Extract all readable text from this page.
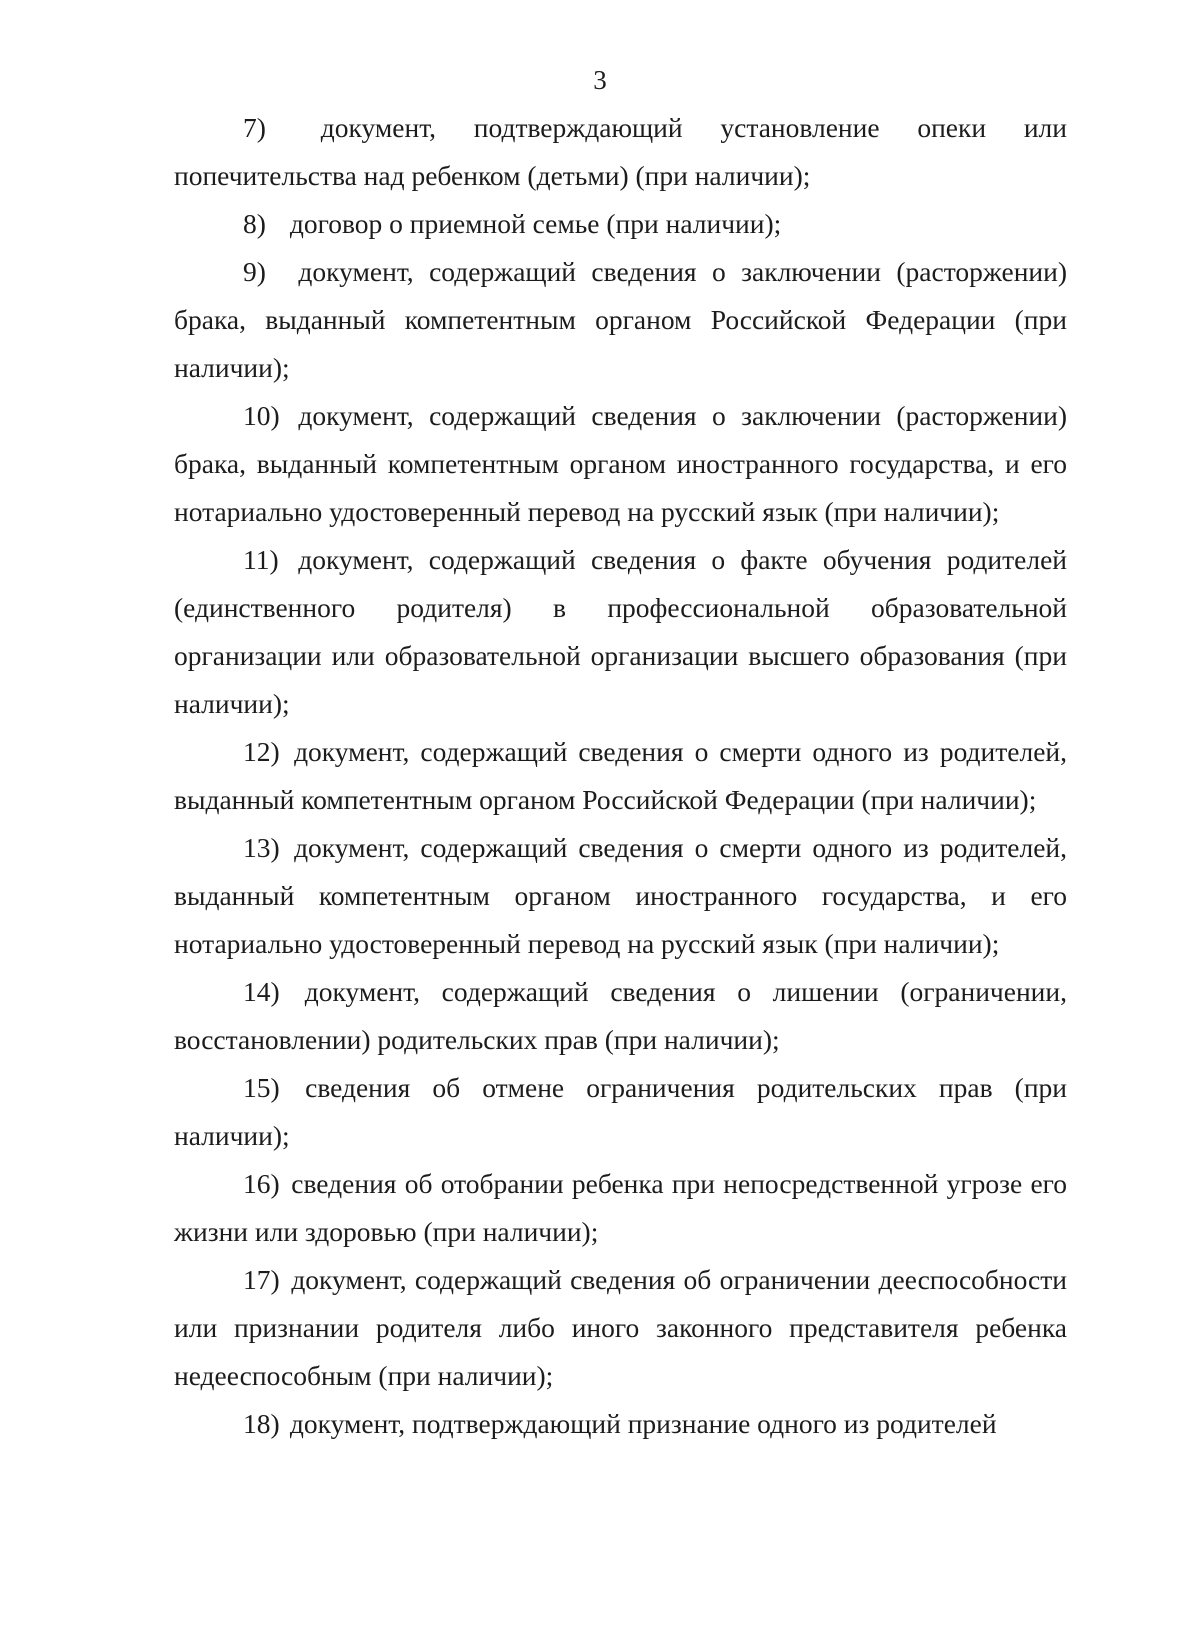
3

7) документ, подтверждающий установление опеки или попечительства над ребенком (детьми) (при наличии);

8) договор о приемной семье (при наличии);

9) документ, содержащий сведения о заключении (расторжении) брака, выданный компетентным органом Российской Федерации (при наличии);

10) документ, содержащий сведения о заключении (расторжении) брака, выданный компетентным органом иностранного государства, и его нотариально удостоверенный перевод на русский язык (при наличии);

11) документ, содержащий сведения о факте обучения родителей (единственного родителя) в профессиональной образовательной организации или образовательной организации высшего образования (при наличии);

12) документ, содержащий сведения о смерти одного из родителей, выданный компетентным органом Российской Федерации (при наличии);

13) документ, содержащий сведения о смерти одного из родителей, выданный компетентным органом иностранного государства, и его нотариально удостоверенный перевод на русский язык (при наличии);

14) документ, содержащий сведения о лишении (ограничении, восстановлении) родительских прав (при наличии);

15) сведения об отмене ограничения родительских прав (при наличии);

16) сведения об отобрании ребенка при непосредственной угрозе его жизни или здоровью (при наличии);

17) документ, содержащий сведения об ограничении дееспособности или признании родителя либо иного законного представителя ребенка недееспособным (при наличии);

18) документ, подтверждающий признание одного из родителей
